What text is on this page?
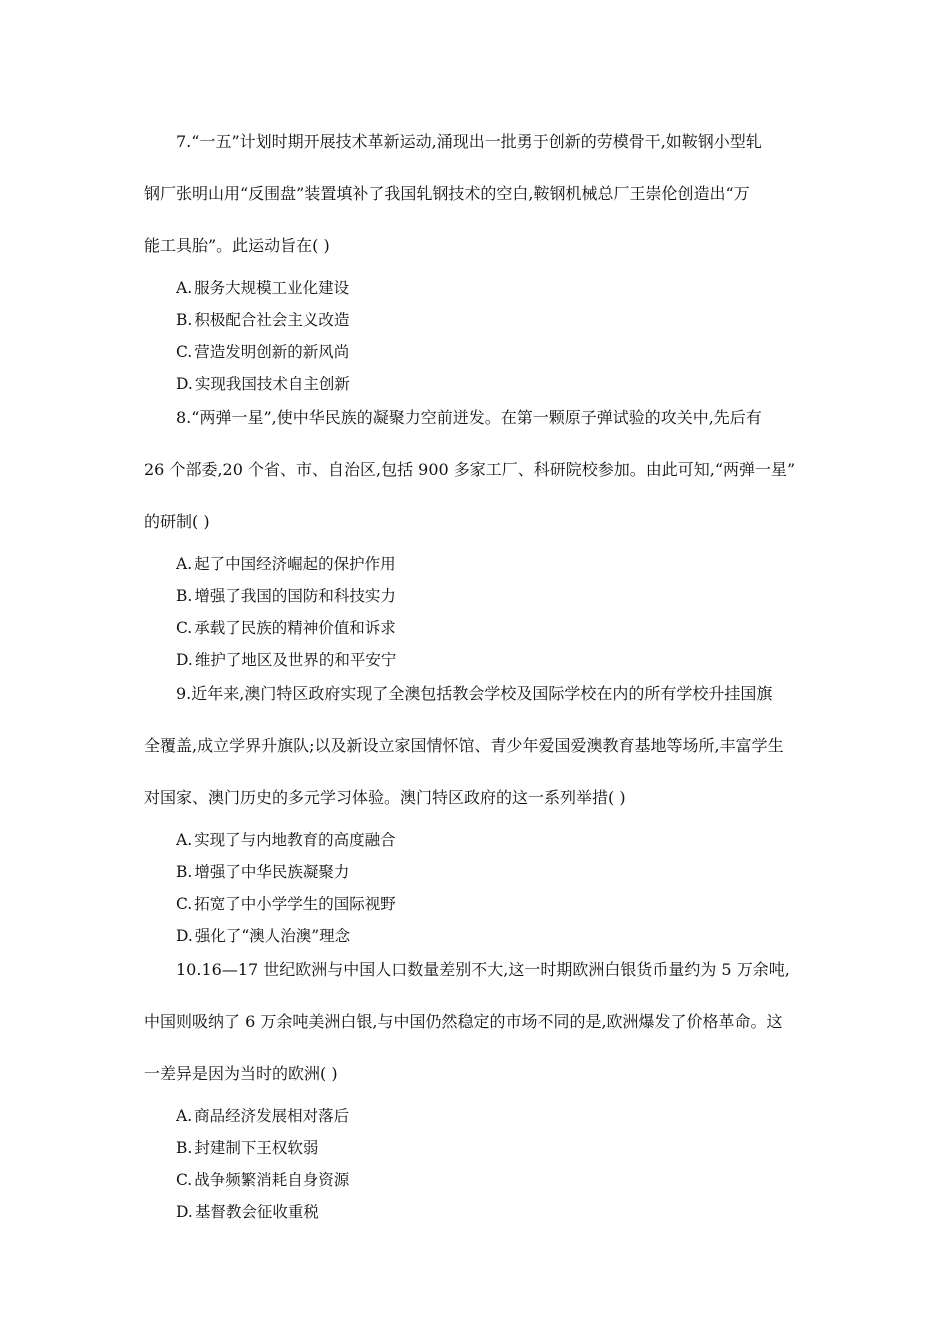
7.“一五”计划时期开展技术革新运动,涌现出一批勇于创新的劳模骨干,如鞍钢小型轧
钢厂张明山用“反围盘”装置填补了我国轧钢技术的空白,鞍钢机械总厂王崇伦创造出“万
能工具胎”。此运动旨在( )
A. 服务大规模工业化建设
B. 积极配合社会主义改造
C. 营造发明创新的新风尚
D. 实现我国技术自主创新
8.“两弹一星”,使中华民族的凝聚力空前迸发。在第一颗原子弹试验的攻关中,先后有
26 个部委,20 个省、市、自治区,包括 900 多家工厂、科研院校参加。由此可知,“两弹一星”
的研制( )
A. 起了中国经济崛起的保护作用
B. 增强了我国的国防和科技实力
C. 承载了民族的精神价值和诉求
D. 维护了地区及世界的和平安宁
9.近年来,澳门特区政府实现了全澳包括教会学校及国际学校在内的所有学校升挂国旗
全覆盖,成立学界升旗队;以及新设立家国情怀馆、青少年爱国爱澳教育基地等场所,丰富学生
对国家、澳门历史的多元学习体验。澳门特区政府的这一系列举措( )
A. 实现了与内地教育的高度融合
B. 增强了中华民族凝聚力
C. 拓宽了中小学学生的国际视野
D. 强化了“澳人治澳”理念
10.16—17 世纪欧洲与中国人口数量差别不大,这一时期欧洲白银货币量约为 5 万余吨,
中国则吸纳了 6 万余吨美洲白银,与中国仍然稳定的市场不同的是,欧洲爆发了价格革命。这
一差异是因为当时的欧洲( )
A. 商品经济发展相对落后
B. 封建制下王权软弱
C. 战争频繁消耗自身资源
D. 基督教会征收重税
